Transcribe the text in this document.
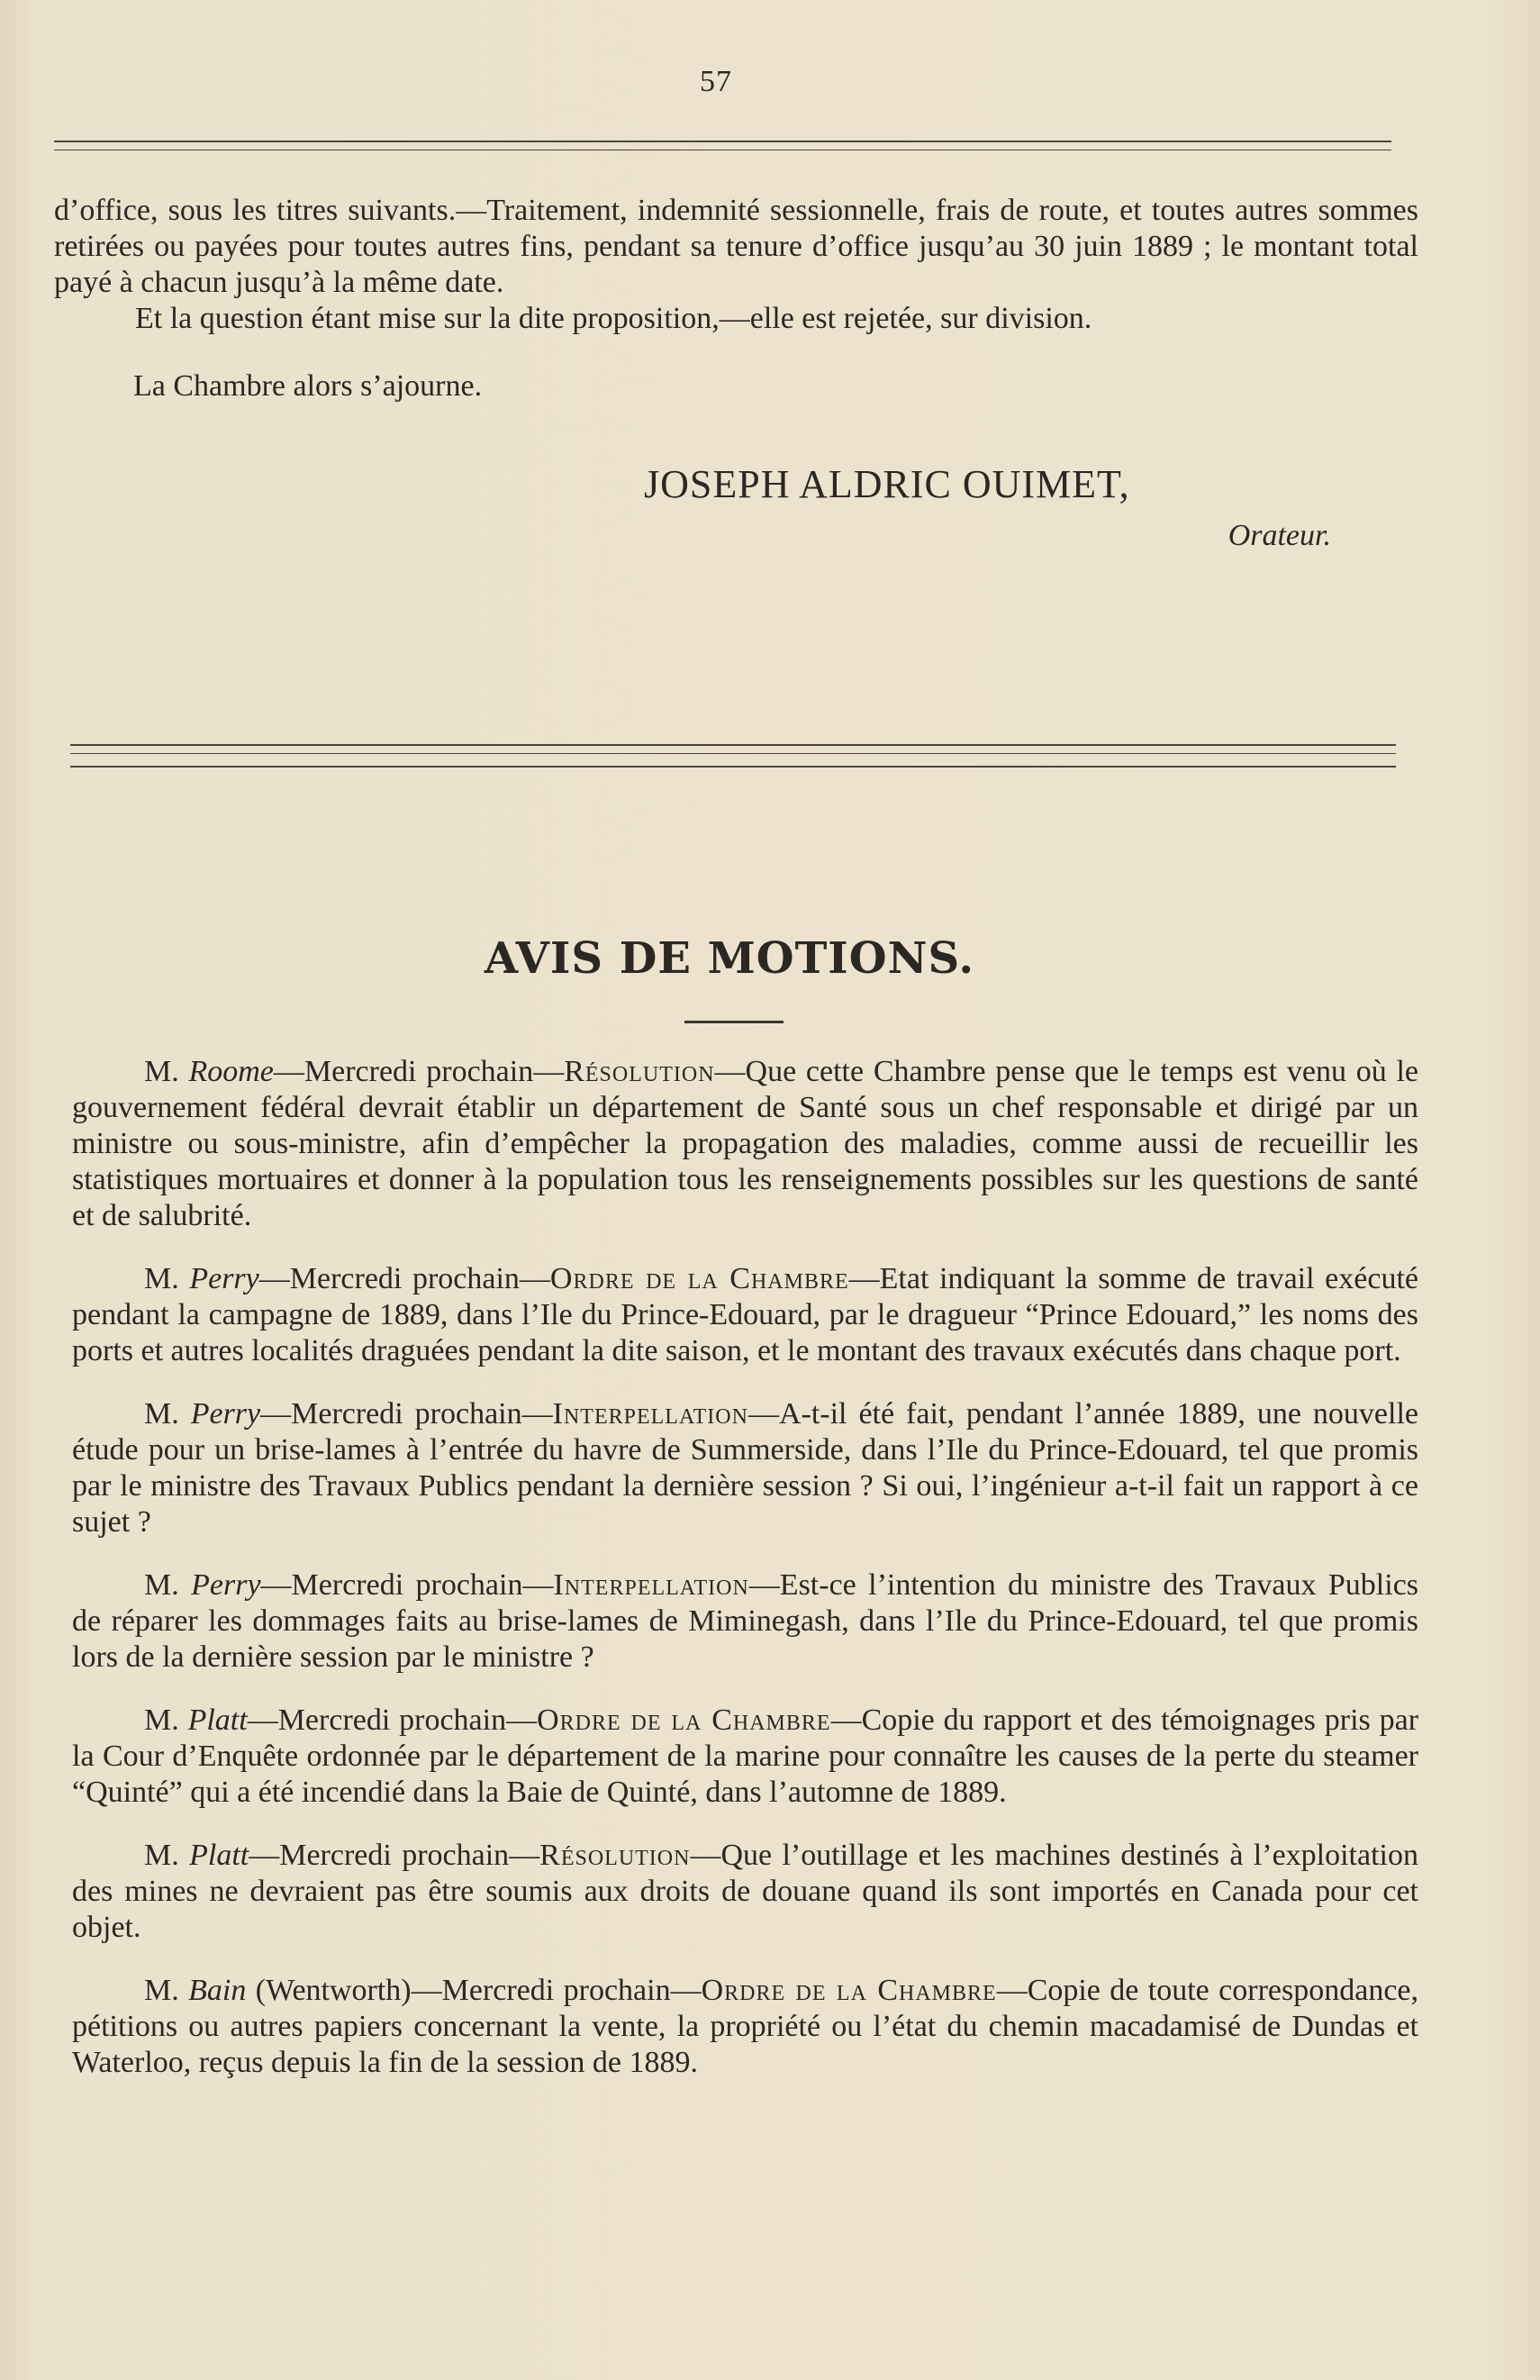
57

d’office, sous les titres suivants.—Traitement, indemnité sessionnelle, frais de route, et toutes autres sommes retirées ou payées pour toutes autres fins, pendant sa tenure d’office jusqu’au 30 juin 1889 ; le montant total payé à chacun jusqu’à la même date.

Et la question étant mise sur la dite proposition,—elle est rejetée, sur division.

La Chambre alors s’ajourne.
JOSEPH ALDRIC OUIMET,
Orateur.
AVIS DE MOTIONS.

M. Roome—Mercredi prochain—Résolution—Que cette Chambre pense que le temps est venu où le gouvernement fédéral devrait établir un département de Santé sous un chef responsable et dirigé par un ministre ou sous-ministre, afin d’empêcher la propagation des maladies, comme aussi de recueillir les statistiques mortuaires et donner à la population tous les renseignements possibles sur les questions de santé et de salubrité.

M. Perry—Mercredi prochain—Ordre de la Chambre—Etat indiquant la somme de travail exécuté pendant la campagne de 1889, dans l’Ile du Prince-Edouard, par le dragueur “Prince Edouard,” les noms des ports et autres localités draguées pendant la dite saison, et le montant des travaux exécutés dans chaque port.

M. Perry—Mercredi prochain—Interpellation—A-t-il été fait, pendant l’année 1889, une nouvelle étude pour un brise-lames à l’entrée du havre de Summerside, dans l’Ile du Prince-Edouard, tel que promis par le ministre des Travaux Publics pendant la dernière session ? Si oui, l’ingénieur a-t-il fait un rapport à ce sujet ?

M. Perry—Mercredi prochain—Interpellation—Est-ce l’intention du ministre des Travaux Publics de réparer les dommages faits au brise-lames de Miminegash, dans l’Ile du Prince-Edouard, tel que promis lors de la dernière session par le ministre ?

M. Platt—Mercredi prochain—Ordre de la Chambre—Copie du rapport et des témoignages pris par la Cour d’Enquête ordonnée par le département de la marine pour connaître les causes de la perte du steamer “Quinté” qui a été incendié dans la Baie de Quinté, dans l’automne de 1889.

M. Platt—Mercredi prochain—Résolution—Que l’outillage et les machines destinés à l’exploitation des mines ne devraient pas être soumis aux droits de douane quand ils sont importés en Canada pour cet objet.

M. Bain (Wentworth)—Mercredi prochain—Ordre de la Chambre—Copie de toute correspondance, pétitions ou autres papiers concernant la vente, la propriété ou l’état du chemin macadamisé de Dundas et Waterloo, reçus depuis la fin de la session de 1889.
